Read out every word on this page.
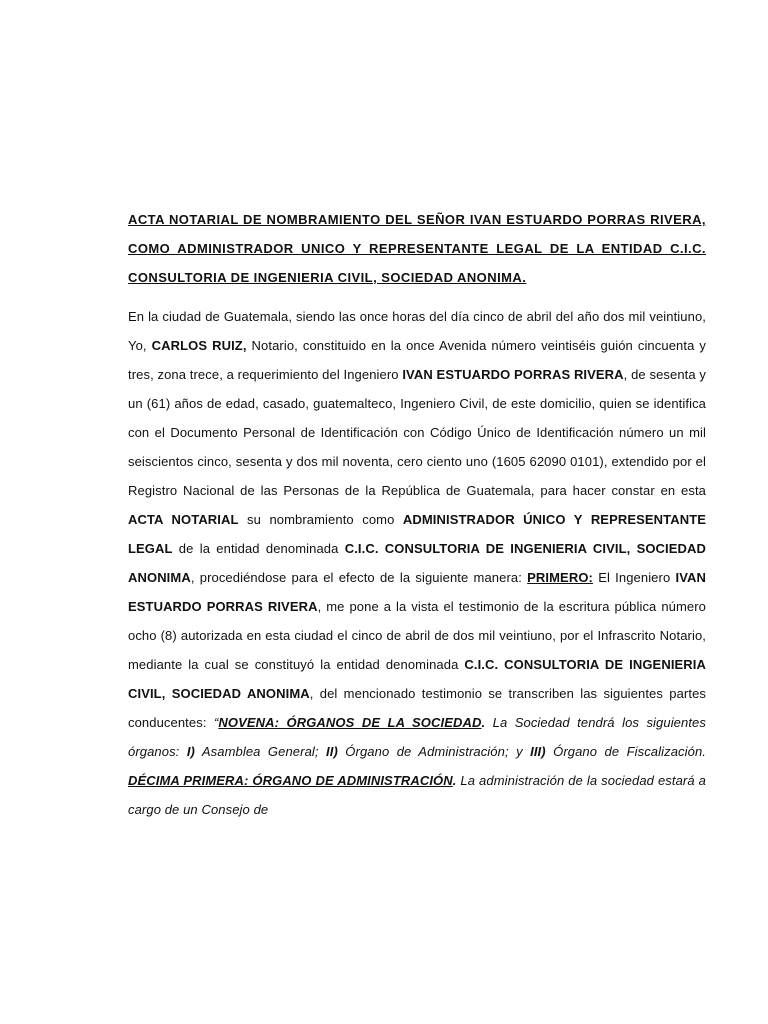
ACTA NOTARIAL DE NOMBRAMIENTO DEL SEÑOR IVAN ESTUARDO PORRAS RIVERA, COMO ADMINISTRADOR UNICO Y REPRESENTANTE LEGAL DE LA ENTIDAD C.I.C. CONSULTORIA DE INGENIERIA CIVIL, SOCIEDAD ANONIMA.

En la ciudad de Guatemala, siendo las once horas del día cinco de abril del año dos mil veintiuno, Yo, CARLOS RUIZ, Notario, constituido en la once Avenida número veintiséis guión cincuenta y tres, zona trece, a requerimiento del Ingeniero IVAN ESTUARDO PORRAS RIVERA, de sesenta y un (61) años de edad, casado, guatemalteco, Ingeniero Civil, de este domicilio, quien se identifica con el Documento Personal de Identificación con Código Único de Identificación número un mil seiscientos cinco, sesenta y dos mil noventa, cero ciento uno (1605 62090 0101), extendido por el Registro Nacional de las Personas de la República de Guatemala, para hacer constar en esta ACTA NOTARIAL su nombramiento como ADMINISTRADOR ÚNICO Y REPRESENTANTE LEGAL de la entidad denominada C.I.C. CONSULTORIA DE INGENIERIA CIVIL, SOCIEDAD ANONIMA, procediéndose para el efecto de la siguiente manera: PRIMERO: El Ingeniero IVAN ESTUARDO PORRAS RIVERA, me pone a la vista el testimonio de la escritura pública número ocho (8) autorizada en esta ciudad el cinco de abril de dos mil veintiuno, por el Infrascrito Notario, mediante la cual se constituyó la entidad denominada C.I.C. CONSULTORIA DE INGENIERIA CIVIL, SOCIEDAD ANONIMA, del mencionado testimonio se transcriben las siguientes partes conducentes: “NOVENA: ÓRGANOS DE LA SOCIEDAD. La Sociedad tendrá los siguientes órganos: I) Asamblea General; II) Órgano de Administración; y III) Órgano de Fiscalización. DÉCIMA PRIMERA: ÓRGANO DE ADMINISTRACIÓN. La administración de la sociedad estará a cargo de un Consejo de
